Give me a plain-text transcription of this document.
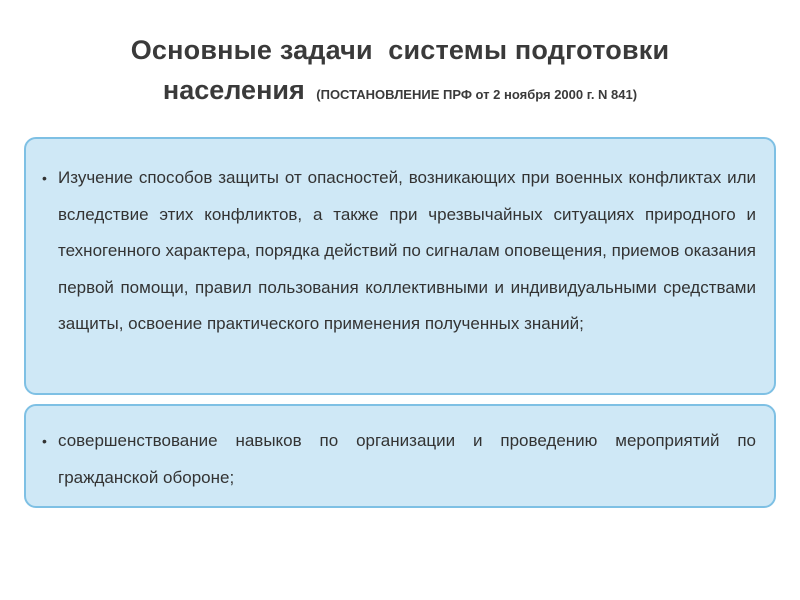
Основные задачи  системы подготовки
населения (ПОСТАНОВЛЕНИЕ ПРФ от 2 ноября 2000 г. N 841)
• Изучение способов защиты от опасностей, возникающих при военных конфликтах или вследствие этих конфликтов, а также при чрезвычайных ситуациях природного и техногенного характера, порядка действий по сигналам оповещения, приемов оказания первой помощи, правил пользования коллективными и индивидуальными средствами защиты, освоение практического применения полученных знаний;
• совершенствование навыков по организации и проведению мероприятий по гражданской обороне;
